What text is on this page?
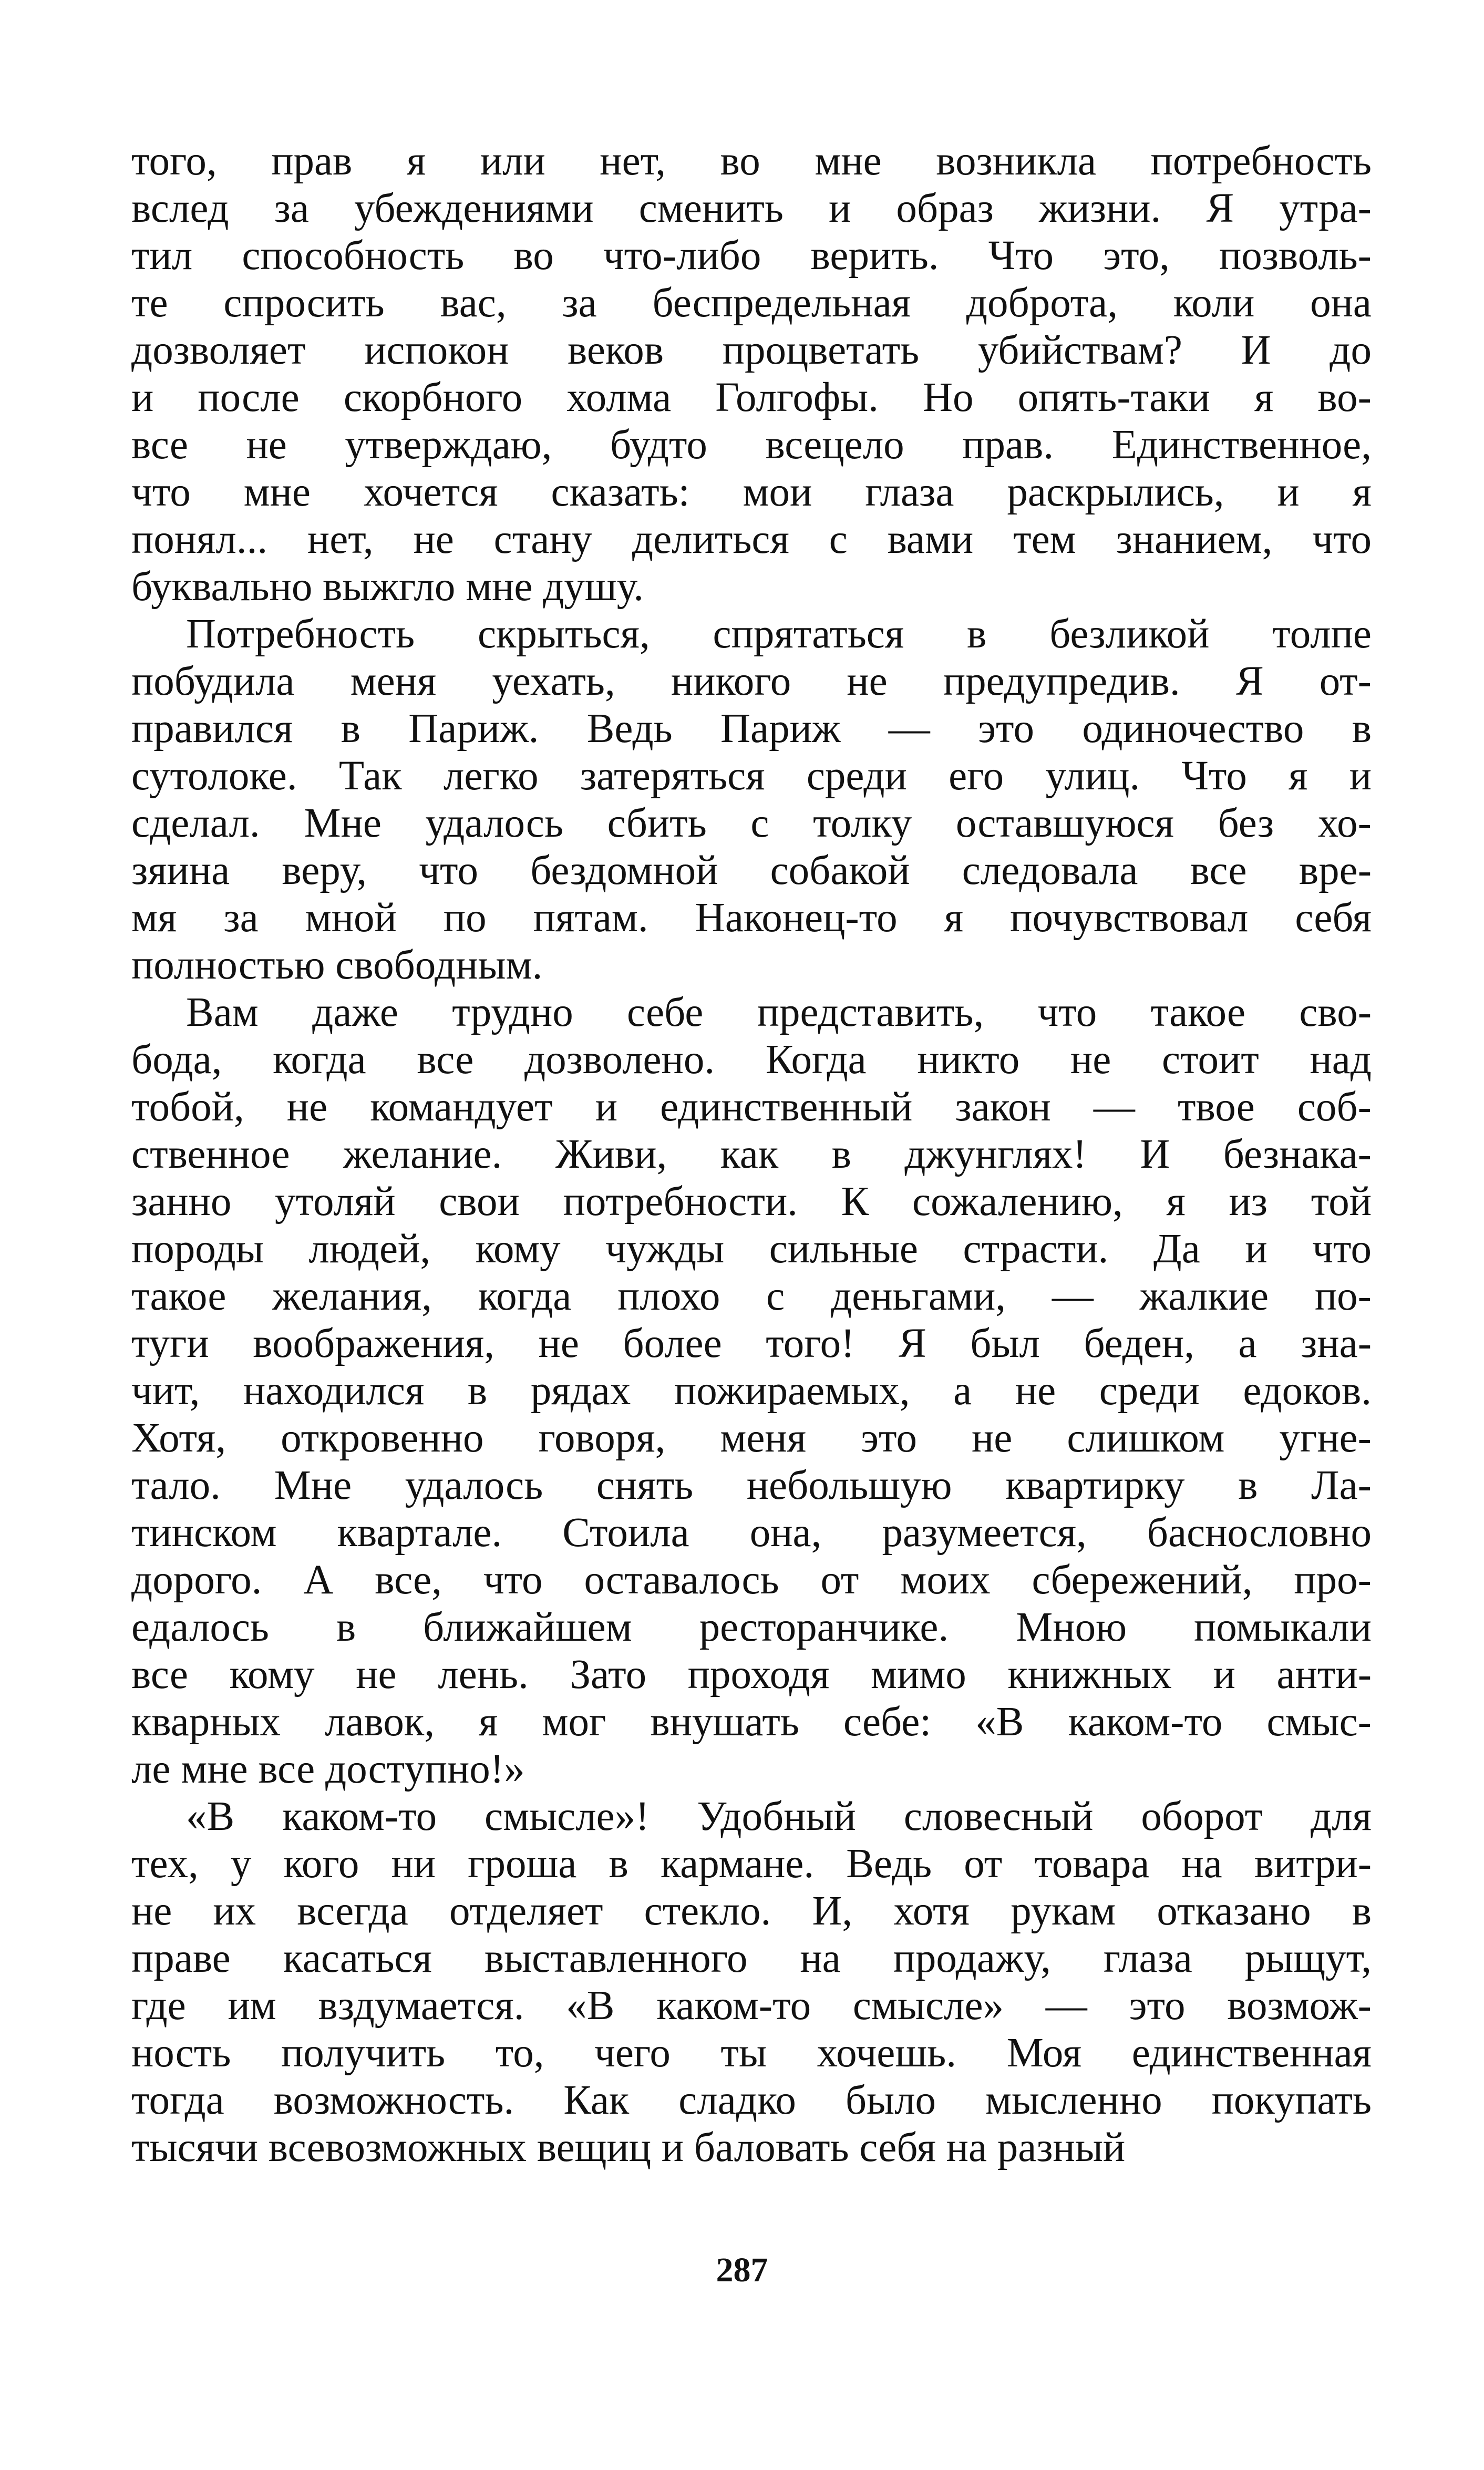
того, прав я или нет, во мне возникла потребность
вслед за убеждениями сменить и образ жизни. Я утра-
тил способность во что-либо верить. Что это, позволь-
те спросить вас, за беспредельная доброта, коли она
дозволяет испокон веков процветать убийствам? И до
и после скорбного холма Голгофы. Но опять-таки я во-
все не утверждаю, будто всецело прав. Единственное,
что мне хочется сказать: мои глаза раскрылись, и я
понял... нет, не стану делиться с вами тем знанием, что
буквально выжгло мне душу.
Потребность скрыться, спрятаться в безликой толпе
побудила меня уехать, никого не предупредив. Я от-
правился в Париж. Ведь Париж — это одиночество в
сутолоке. Так легко затеряться среди его улиц. Что я и
сделал. Мне удалось сбить с толку оставшуюся без хо-
зяина веру, что бездомной собакой следовала все вре-
мя за мной по пятам. Наконец-то я почувствовал себя
полностью свободным.
Вам даже трудно себе представить, что такое сво-
бода, когда все дозволено. Когда никто не стоит над
тобой, не командует и единственный закон — твое соб-
ственное желание. Живи, как в джунглях! И безнака-
занно утоляй свои потребности. К сожалению, я из той
породы людей, кому чужды сильные страсти. Да и что
такое желания, когда плохо с деньгами, — жалкие по-
туги воображения, не более того! Я был беден, а зна-
чит, находился в рядах пожираемых, а не среди едоков.
Хотя, откровенно говоря, меня это не слишком угне-
тало. Мне удалось снять небольшую квартирку в Ла-
тинском квартале. Стоила она, разумеется, баснословно
дорого. А все, что оставалось от моих сбережений, про-
едалось в ближайшем ресторанчике. Мною помыкали
все кому не лень. Зато проходя мимо книжных и анти-
кварных лавок, я мог внушать себе: «В каком-то смыс-
ле мне все доступно!»
«В каком-то смысле»! Удобный словесный оборот для
тех, у кого ни гроша в кармане. Ведь от товара на витри-
не их всегда отделяет стекло. И, хотя рукам отказано в
праве касаться выставленного на продажу, глаза рыщут,
где им вздумается. «В каком-то смысле» — это возмож-
ность получить то, чего ты хочешь. Моя единственная
тогда возможность. Как сладко было мысленно покупать
тысячи всевозможных вещиц и баловать себя на разный
287
